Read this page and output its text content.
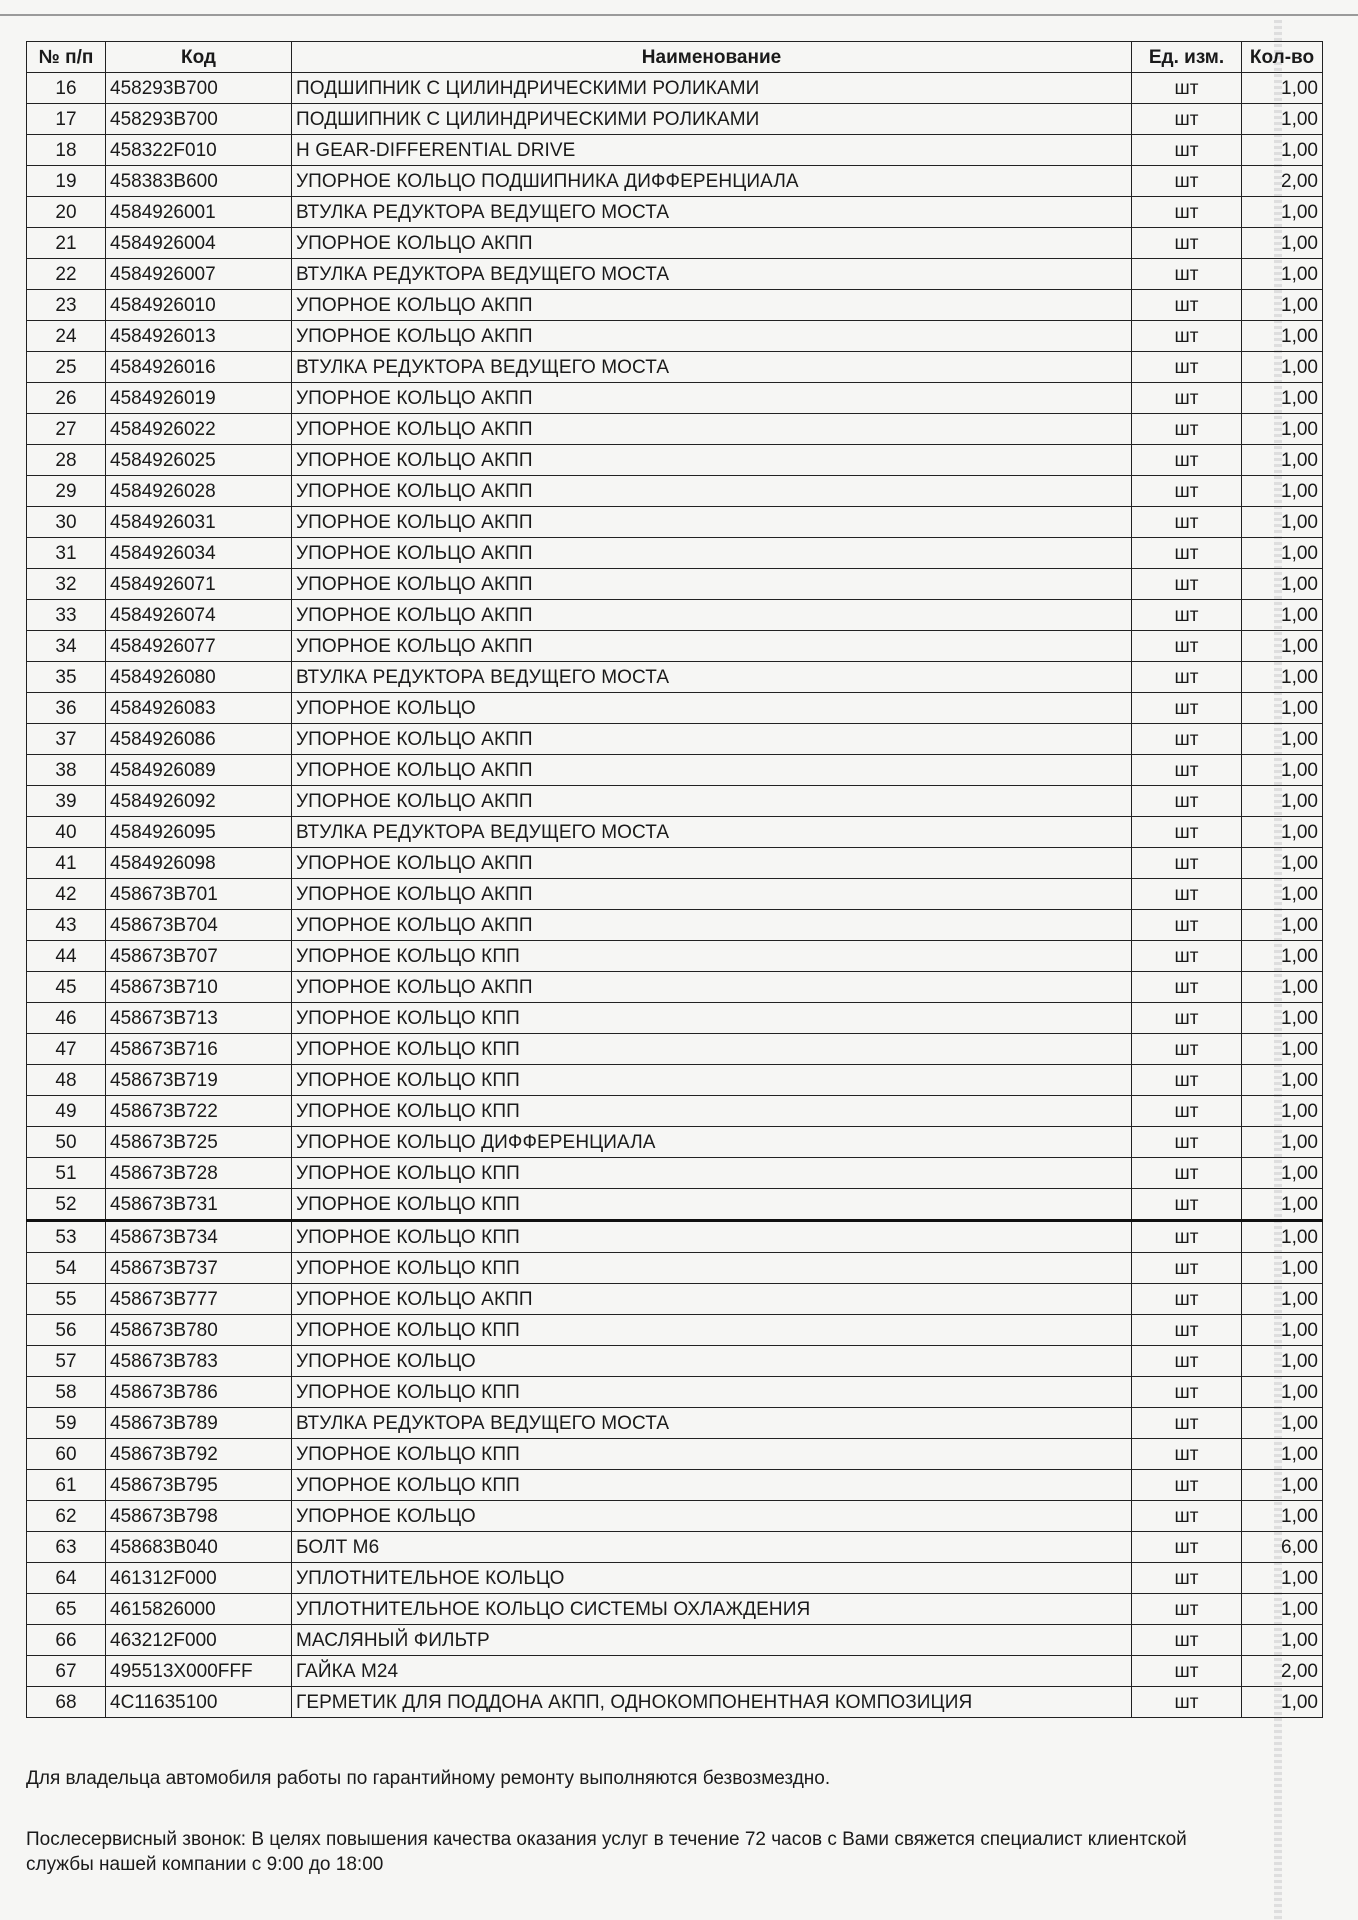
№ п/п	Код	Наименование	Ед. изм.	Кол-во
16	458293B700	ПОДШИПНИК С ЦИЛИНДРИЧЕСКИМИ РОЛИКАМИ	шт	1,00
17	458293B700	ПОДШИПНИК С ЦИЛИНДРИЧЕСКИМИ РОЛИКАМИ	шт	1,00
18	458322F010	H GEAR-DIFFERENTIAL DRIVE	шт	1,00
19	458383B600	УПОРНОЕ КОЛЬЦО ПОДШИПНИКА ДИФФЕРЕНЦИАЛА	шт	2,00
20	4584926001	ВТУЛКА РЕДУКТОРА ВЕДУЩЕГО МОСТА	шт	1,00
21	4584926004	УПОРНОЕ КОЛЬЦО АКПП	шт	1,00
22	4584926007	ВТУЛКА РЕДУКТОРА ВЕДУЩЕГО МОСТА	шт	1,00
23	4584926010	УПОРНОЕ КОЛЬЦО АКПП	шт	1,00
24	4584926013	УПОРНОЕ КОЛЬЦО АКПП	шт	1,00
25	4584926016	ВТУЛКА РЕДУКТОРА ВЕДУЩЕГО МОСТА	шт	1,00
26	4584926019	УПОРНОЕ КОЛЬЦО АКПП	шт	1,00
27	4584926022	УПОРНОЕ КОЛЬЦО АКПП	шт	1,00
28	4584926025	УПОРНОЕ КОЛЬЦО АКПП	шт	1,00
29	4584926028	УПОРНОЕ КОЛЬЦО АКПП	шт	1,00
30	4584926031	УПОРНОЕ КОЛЬЦО АКПП	шт	1,00
31	4584926034	УПОРНОЕ КОЛЬЦО АКПП	шт	1,00
32	4584926071	УПОРНОЕ КОЛЬЦО АКПП	шт	1,00
33	4584926074	УПОРНОЕ КОЛЬЦО АКПП	шт	1,00
34	4584926077	УПОРНОЕ КОЛЬЦО АКПП	шт	1,00
35	4584926080	ВТУЛКА РЕДУКТОРА ВЕДУЩЕГО МОСТА	шт	1,00
36	4584926083	УПОРНОЕ КОЛЬЦО	шт	1,00
37	4584926086	УПОРНОЕ КОЛЬЦО АКПП	шт	1,00
38	4584926089	УПОРНОЕ КОЛЬЦО АКПП	шт	1,00
39	4584926092	УПОРНОЕ КОЛЬЦО АКПП	шт	1,00
40	4584926095	ВТУЛКА РЕДУКТОРА ВЕДУЩЕГО МОСТА	шт	1,00
41	4584926098	УПОРНОЕ КОЛЬЦО АКПП	шт	1,00
42	458673B701	УПОРНОЕ КОЛЬЦО АКПП	шт	1,00
43	458673B704	УПОРНОЕ КОЛЬЦО АКПП	шт	1,00
44	458673B707	УПОРНОЕ КОЛЬЦО КПП	шт	1,00
45	458673B710	УПОРНОЕ КОЛЬЦО АКПП	шт	1,00
46	458673B713	УПОРНОЕ КОЛЬЦО КПП	шт	1,00
47	458673B716	УПОРНОЕ КОЛЬЦО КПП	шт	1,00
48	458673B719	УПОРНОЕ КОЛЬЦО КПП	шт	1,00
49	458673B722	УПОРНОЕ КОЛЬЦО КПП	шт	1,00
50	458673B725	УПОРНОЕ КОЛЬЦО ДИФФЕРЕНЦИАЛА	шт	1,00
51	458673B728	УПОРНОЕ КОЛЬЦО КПП	шт	1,00
52	458673B731	УПОРНОЕ КОЛЬЦО КПП	шт	1,00
53	458673B734	УПОРНОЕ КОЛЬЦО КПП	шт	1,00
54	458673B737	УПОРНОЕ КОЛЬЦО КПП	шт	1,00
55	458673B777	УПОРНОЕ КОЛЬЦО АКПП	шт	1,00
56	458673B780	УПОРНОЕ КОЛЬЦО КПП	шт	1,00
57	458673B783	УПОРНОЕ КОЛЬЦО	шт	1,00
58	458673B786	УПОРНОЕ КОЛЬЦО КПП	шт	1,00
59	458673B789	ВТУЛКА РЕДУКТОРА ВЕДУЩЕГО МОСТА	шт	1,00
60	458673B792	УПОРНОЕ КОЛЬЦО КПП	шт	1,00
61	458673B795	УПОРНОЕ КОЛЬЦО КПП	шт	1,00
62	458673B798	УПОРНОЕ КОЛЬЦО	шт	1,00
63	458683B040	БОЛТ М6	шт	6,00
64	461312F000	УПЛОТНИТЕЛЬНОЕ КОЛЬЦО	шт	1,00
65	4615826000	УПЛОТНИТЕЛЬНОЕ КОЛЬЦО СИСТЕМЫ ОХЛАЖДЕНИЯ	шт	1,00
66	463212F000	МАСЛЯНЫЙ ФИЛЬТР	шт	1,00
67	495513X000FFF	ГАЙКА М24	шт	2,00
68	4C11635100	ГЕРМЕТИК ДЛЯ ПОДДОНА АКПП, ОДНОКОМПОНЕНТНАЯ КОМПОЗИЦИЯ	шт	1,00
Для владельца автомобиля работы по гарантийному ремонту выполняются безвозмездно.

Послесервисный звонок: В целях повышения качества оказания услуг в течение 72 часов с Вами свяжется специалист клиентской

службы нашей компании с 9:00 до 18:00
